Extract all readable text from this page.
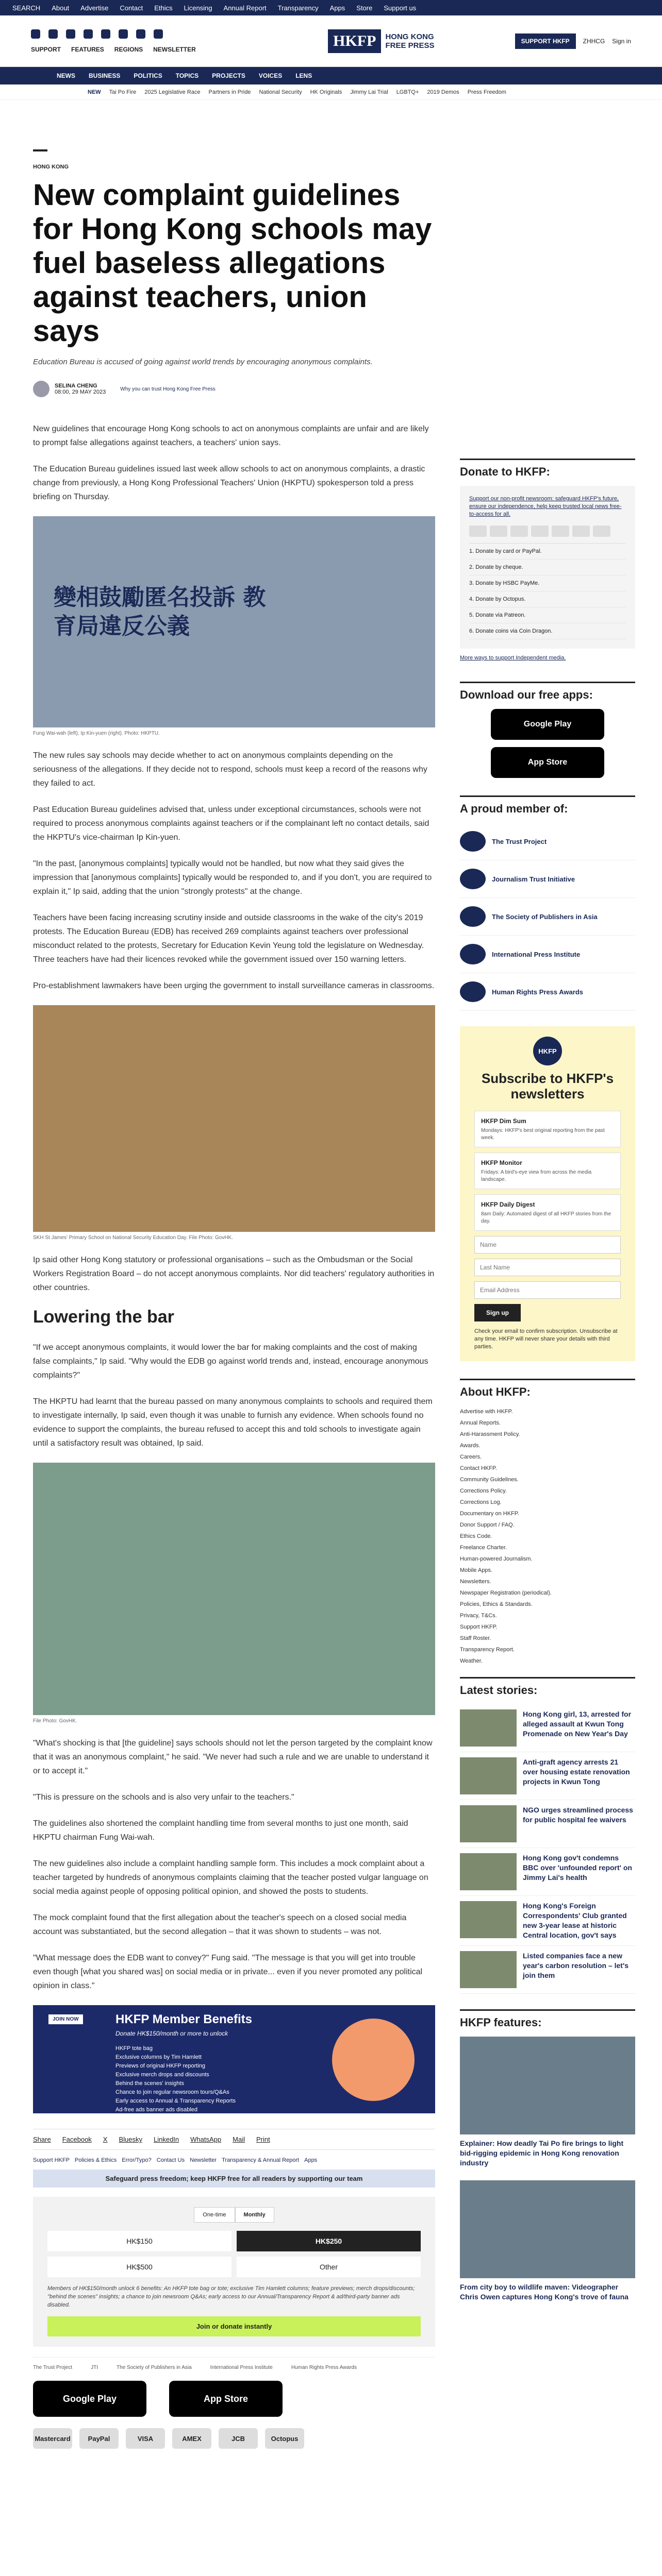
SEARCH About Advertise Contact Ethics Licensing Annual Report Transparency Apps Store Support us
SUPPORT FEATURES REGIONS NEWSLETTER	HKFP	HONG KONG
FREE PRESS	SUPPORT HKFP	ZHHCG Sign in
NEWS BUSINESS POLITICS TOPICS PROJECTS VOICES LENS
NEW Tai Po Fire 2025 Legislative Race Partners in Pride National Security HK Originals Jimmy Lai Trial LGBTQ+ 2019 Demos Press Freedom
HONG KONG
New complaint guidelines for Hong Kong schools may fuel baseless allegations against teachers, union says
Education Bureau is accused of going against world trends by encouraging anonymous complaints.
SELINA CHENG
08:00, 29 MAY 2023	Why you can trust Hong Kong Free Press

New guidelines that encourage Hong Kong schools to act on anonymous complaints are unfair and are likely to prompt false allegations against teachers, a teachers' union says.

The Education Bureau guidelines issued last week allow schools to act on anonymous complaints, a drastic change from previously, a Hong Kong Professional Teachers' Union (HKPTU) spokesperson told a press briefing on Thursday.

變相鼓勵匿名投訴 教育局違反公義
Fung Wai-wah (left), Ip Kin-yuen (right). Photo: HKPTU.

The new rules say schools may decide whether to act on anonymous complaints depending on the seriousness of the allegations. If they decide not to respond, schools must keep a record of the reasons why they failed to act.

Past Education Bureau guidelines advised that, unless under exceptional circumstances, schools were not required to process anonymous complaints against teachers or if the complainant left no contact details, said the HKPTU's vice-chairman Ip Kin-yuen.

"In the past, [anonymous complaints] typically would not be handled, but now what they said gives the impression that [anonymous complaints] typically would be responded to, and if you don't, you are required to explain it," Ip said, adding that the union "strongly protests" at the change.

Teachers have been facing increasing scrutiny inside and outside classrooms in the wake of the city's 2019 protests. The Education Bureau (EDB) has received 269 complaints against teachers over professional misconduct related to the protests, Secretary for Education Kevin Yeung told the legislature on Wednesday. Three teachers have had their licences revoked while the government issued over 150 warning letters.

Pro-establishment lawmakers have been urging the government to install surveillance cameras in classrooms.

SKH St James' Primary School on National Security Education Day. File Photo: GovHK.

Ip said other Hong Kong statutory or professional organisations – such as the Ombudsman or the Social Workers Registration Board – do not accept anonymous complaints. Nor did teachers' regulatory authorities in other countries.

Lowering the bar

"If we accept anonymous complaints, it would lower the bar for making complaints and the cost of making false complaints," Ip said. "Why would the EDB go against world trends and, instead, encourage anonymous complaints?"

The HKPTU had learnt that the bureau passed on many anonymous complaints to schools and required them to investigate internally, Ip said, even though it was unable to furnish any evidence. When schools found no evidence to support the complaints, the bureau refused to accept this and told schools to investigate again until a satisfactory result was obtained, Ip said.

File Photo: GovHK.

"What's shocking is that [the guideline] says schools should not let the person targeted by the complaint know that it was an anonymous complaint," he said. "We never had such a rule and we are unable to understand it or to accept it."

"This is pressure on the schools and is also very unfair to the teachers."

The guidelines also shortened the complaint handling time from several months to just one month, said HKPTU chairman Fung Wai-wah.

The new guidelines also include a complaint handling sample form. This includes a mock complaint about a teacher targeted by hundreds of anonymous complaints claiming that the teacher posted vulgar language on social media against people of opposing political opinion, and showed the posts to students.

The mock complaint found that the first allegation about the teacher's speech on a closed social media account was substantiated, but the second allegation – that it was shown to students – was not.

"What message does the EDB want to convey?" Fung said. "The message is that you will get into trouble even though [what you shared was] on social media or in private... even if you never promoted any political opinion in class."

JOIN NOW	HKFP Member Benefits
Donate HK$150/month or more to unlock
HKFP tote bag
Exclusive columns by Tim Hamlett
Previews of original HKFP reporting
Exclusive merch drops and discounts
Behind the scenes' insights
Chance to join regular newsroom tours/Q&As
Early access to Annual & Transparency Reports
Ad-free ads banner ads disabled
Share Facebook X Bluesky LinkedIn WhatsApp Mail Print
Support HKFP Policies & Ethics Error/Typo? Contact Us Newsletter Transparency & Annual Report Apps
Safeguard press freedom; keep HKFP free for all readers by supporting our team
One-time	Monthly
HK$150	HK$250
HK$500	Other
Members of HK$150/month unlock 6 benefits: An HKFP tote bag or tote; exclusive Tim Hamlett columns; feature previews; merch drops/discounts; "behind the scenes" insights; a chance to join newsroom Q&As; early access to our Annual/Transparency Report & ad/third-party banner ads disabled.
Join or donate instantly
The Trust Project	JTI	The Society of Publishers in Asia	International Press Institute	Human Rights Press Awards
Google Play	App Store
Mastercard	PayPal	VISA	AMEX	JCB	Octopus
Donate to HKFP:
Support our non-profit newsroom: safeguard HKFP's future, ensure our independence, help keep trusted local news free-to-access for all.
1. Donate by card or PayPal.
2. Donate by cheque.
3. Donate by HSBC PayMe.
4. Donate by Octopus.
5. Donate via Patreon.
6. Donate coins via Coin Dragon.
More ways to support Independent media.
Download our free apps:
Google Play
App Store
A proud member of:
The Trust Project
Journalism Trust Initiative
The Society of Publishers in Asia
International Press Institute
Human Rights Press Awards
HKFP
Subscribe to HKFP's newsletters
HKFP Dim Sum
Mondays: HKFP's best original reporting from the past week.
HKFP Monitor
Fridays: A bird's-eye view from across the media landscape.
HKFP Daily Digest
8am Daily: Automated digest of all HKFP stories from the day.
Name Last Name Email Address
Sign up
Check your email to confirm subscription. Unsubscribe at any time. HKFP will never share your details with third parties.
About HKFP:
Advertise with HKFP.
Annual Reports.
Anti-Harassment Policy.
Awards.
Careers.
Contact HKFP.
Community Guidelines.
Corrections Policy.
Corrections Log.
Documentary on HKFP.
Donor Support / FAQ.
Ethics Code.
Freelance Charter.
Human-powered Journalism.
Mobile Apps.
Newsletters.
Newspaper Registration (periodical).
Policies, Ethics & Standards.
Privacy, T&Cs.
Support HKFP.
Staff Roster.
Transparency Report.
Weather.
Latest stories:
Hong Kong girl, 13, arrested for alleged assault at Kwun Tong Promenade on New Year's Day
Anti-graft agency arrests 21 over housing estate renovation projects in Kwun Tong
NGO urges streamlined process for public hospital fee waivers
Hong Kong gov't condemns BBC over 'unfounded report' on Jimmy Lai's health
Hong Kong's Foreign Correspondents' Club granted new 3-year lease at historic Central location, gov't says
Listed companies face a new year's carbon resolution – let's join them
HKFP features:
Explainer: How deadly Tai Po fire brings to light bid-rigging epidemic in Hong Kong renovation industry
From city boy to wildlife maven: Videographer Chris Owen captures Hong Kong's trove of fauna
